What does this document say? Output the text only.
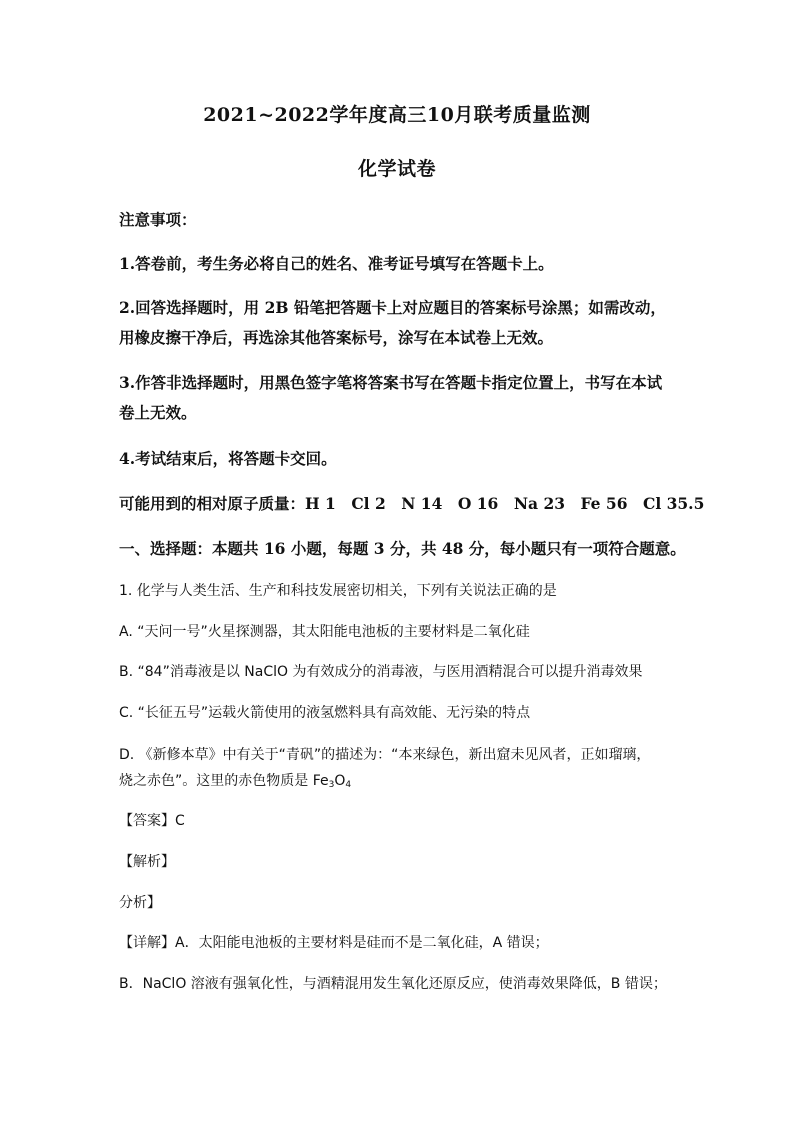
2021~2022学年度高三10月联考质量监测
化学试卷
注意事项：
1.答卷前，考生务必将自己的姓名、准考证号填写在答题卡上。
2.回答选择题时，用 2B 铅笔把答题卡上对应题目的答案标号涂黑；如需改动，
用橡皮擦干净后，再选涂其他答案标号，涂写在本试卷上无效。
3.作答非选择题时，用黑色签字笔将答案书写在答题卡指定位置上，书写在本试
卷上无效。
4.考试结束后，将答题卡交回。
可能用到的相对原子质量：H 1　Cl 2　N 14　O 16　Na 23　Fe 56　Cl 35.5
一、选择题：本题共 16 小题，每题 3 分，共 48 分，每小题只有一项符合题意。
1. 化学与人类生活、生产和科技发展密切相关，下列有关说法正确的是
A. “天问一号”火星探测器，其太阳能电池板的主要材料是二氧化硅
B. “84”消毒液是以 NaClO 为有效成分的消毒液，与医用酒精混合可以提升消毒效果
C. “长征五号”运载火箭使用的液氢燃料具有高效能、无污染的特点
D. 《新修本草》中有关于“青矾”的描述为：“本来绿色，新出窟未见风者，正如瑠璃，
烧之赤色”。这里的赤色物质是 $Fe_3O_4$
【答案】C
【解析】
分析】
【详解】A．太阳能电池板的主要材料是硅而不是二氧化硅，A 错误；
B．NaClO 溶液有强氧化性，与酒精混用发生氧化还原反应，使消毒效果降低，B 错误；
